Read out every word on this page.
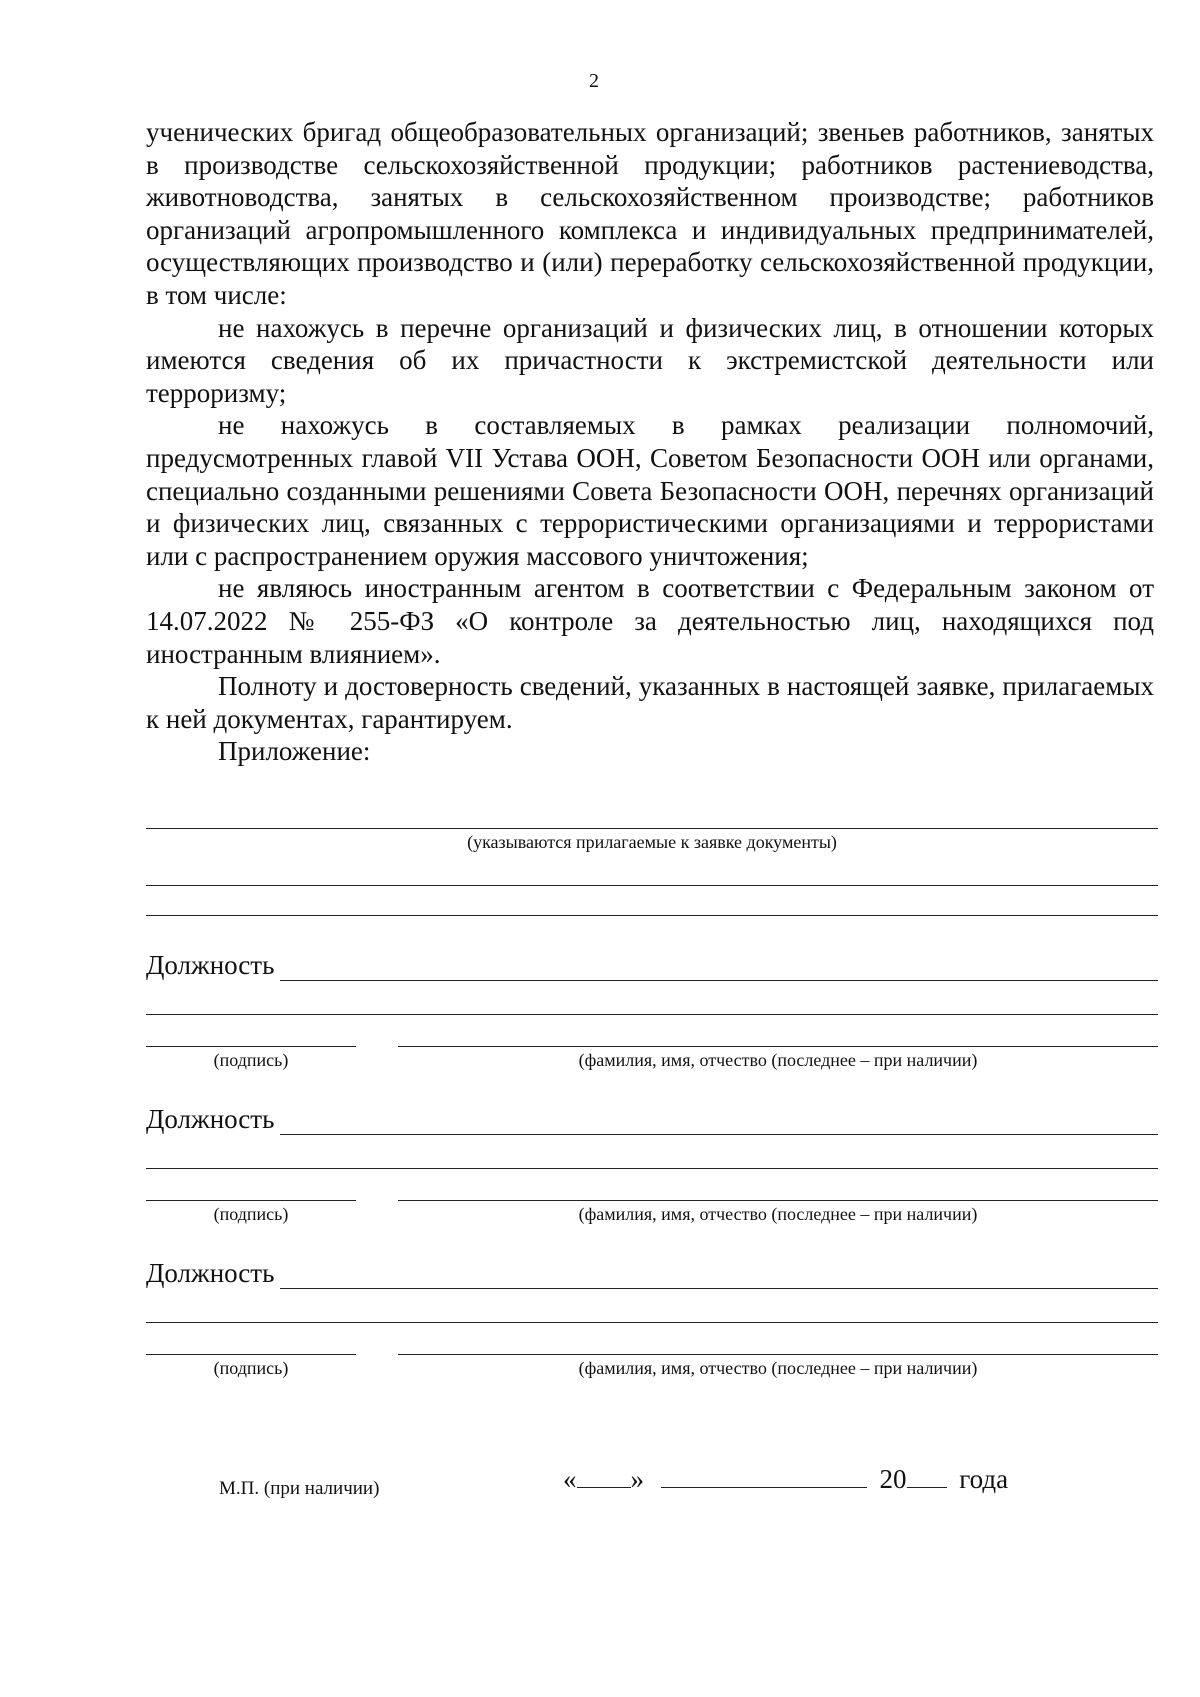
2

ученических бригад общеобразовательных организаций; звеньев работников, занятых в производстве сельскохозяйственной продукции; работников растениеводства, животноводства, занятых в сельскохозяйственном производстве; работников организаций агропромышленного комплекса и индивидуальных предпринимателей, осуществляющих производство и (или) переработку сельскохозяйственной продукции, в том числе:

не нахожусь в перечне организаций и физических лиц, в отношении которых имеются сведения об их причастности к экстремистской деятельности или терроризму;

не нахожусь в составляемых в рамках реализации полномочий, предусмотренных главой VII Устава ООН, Советом Безопасности ООН или органами, специально созданными решениями Совета Безопасности ООН, перечнях организаций и физических лиц, связанных с террористическими организациями и террористами или с распространением оружия массового уничтожения;

не являюсь иностранным агентом в соответствии с Федеральным законом от 14.07.2022 № 255-ФЗ «О контроле за деятельностью лиц, находящихся под иностранным влиянием».

Полноту и достоверность сведений, указанных в настоящей заявке, прилагаемых к ней документах, гарантируем.

Приложение:

(указываются прилагаемые к заявке документы)
Должность
(подпись)	(фамилия, имя, отчество (последнее – при наличии)
Должность
(подпись)	(фамилия, имя, отчество (последнее – при наличии)
Должность
(подпись)	(фамилия, имя, отчество (последнее – при наличии)
М.П. (при наличии)	« »	20 года
